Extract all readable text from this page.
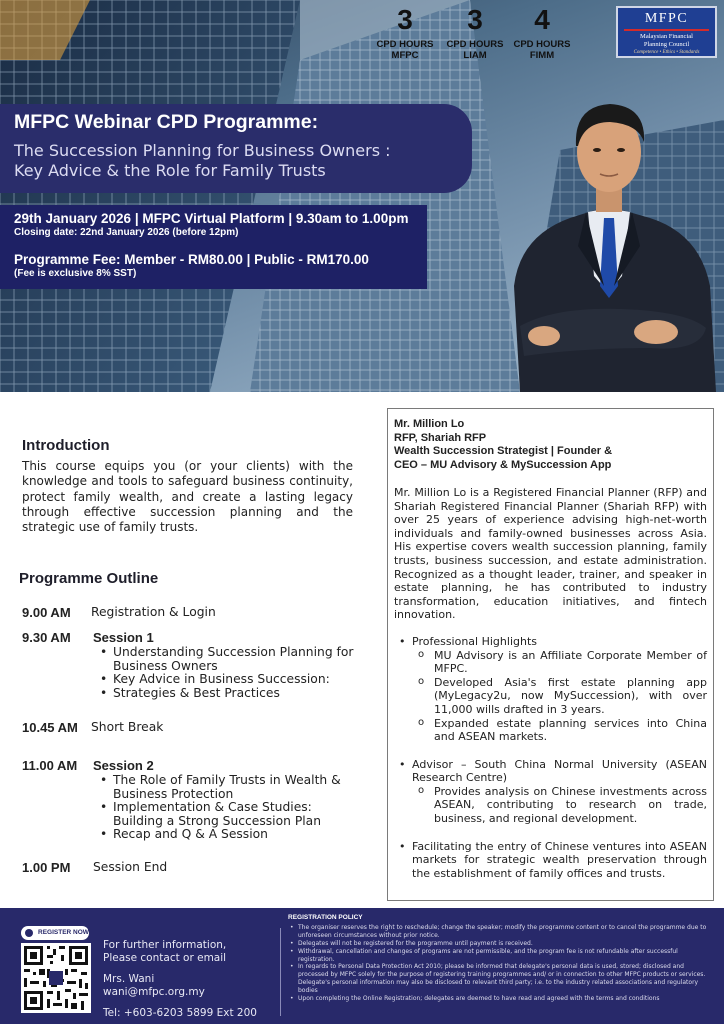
3
CPD HOURS
MFPC
3
CPD HOURS
LIAM
4
CPD HOURS
FIMM
MFPC
Malaysian Financial
Planning Council
Competence • Ethics • Standards
MFPC Webinar CPD Programme:
The Succession Planning for Business Owners :
Key Advice & the Role for Family Trusts
29th January 2026 | MFPC Virtual Platform | 9.30am to 1.00pm
Closing date: 22nd January 2026 (before 12pm)
Programme Fee: Member - RM80.00 | Public - RM170.00
(Fee is exclusive 8% SST)
Introduction
This course equips you (or your clients) with the knowledge and tools to safeguard business continuity, protect family wealth, and create a lasting legacy through effective succession planning and the strategic use of family trusts.
Programme Outline
9.00 AM Registration & Login
9.30 AM Session 1
• Understanding Succession Planning for Business Owners
• Key Advice in Business Succession:
• Strategies & Best Practices
10.45 AM Short Break
11.00 AM Session 2
• The Role of Family Trusts in Wealth & Business Protection
• Implementation & Case Studies: Building a Strong Succession Plan
• Recap and Q & A Session
1.00 PM Session End
Mr. Million Lo
RFP, Shariah RFP
Wealth Succession Strategist | Founder &
CEO – MU Advisory & MySuccession App
Mr. Million Lo is a Registered Financial Planner (RFP) and Shariah Registered Financial Planner (Shariah RFP) with over 25 years of experience advising high-net-worth individuals and family-owned businesses across Asia. His expertise covers wealth succession planning, family trusts, business succession, and estate administration. Recognized as a thought leader, trainer, and speaker in estate planning, he has contributed to industry transformation, education initiatives, and fintech innovation.
• Professional Highlights
o MU Advisory is an Affiliate Corporate Member of MFPC.
o Developed Asia's first estate planning app (MyLegacy2u, now MySuccession), with over 11,000 wills drafted in 3 years.
o Expanded estate planning services into China and ASEAN markets.
• Advisor – South China Normal University (ASEAN Research Centre)
o Provides analysis on Chinese investments across ASEAN, contributing to research on trade, business, and regional development.
• Facilitating the entry of Chinese ventures into ASEAN markets for strategic wealth preservation through the establishment of family offices and trusts.
REGISTER NOW
For further information,
Please contact or email
Mrs. Wani
wani@mfpc.org.my
Tel: +603-6203 5899 Ext 200
REGISTRATION POLICY
• The organiser reserves the right to reschedule; change the speaker; modify the programme content or to cancel the programme due to unforeseen circumstances without prior notice.
• Delegates will not be registered for the programme until payment is received.
• Withdrawal, cancellation and changes of programs are not permissible, and the program fee is not refundable after successful registration.
• In regards to Personal Data Protection Act 2010; please be informed that delegate's personal data is used, stored; disclosed and processed by MFPC solely for the purpose of registering training programmes and/ or in connection to other MFPC products or services. Delegate's personal information may also be disclosed to relevant third party; i.e. to the industry related associations and regulatory bodies
• Upon completing the Online Registration; delegates are deemed to have read and agreed with the terms and conditions
